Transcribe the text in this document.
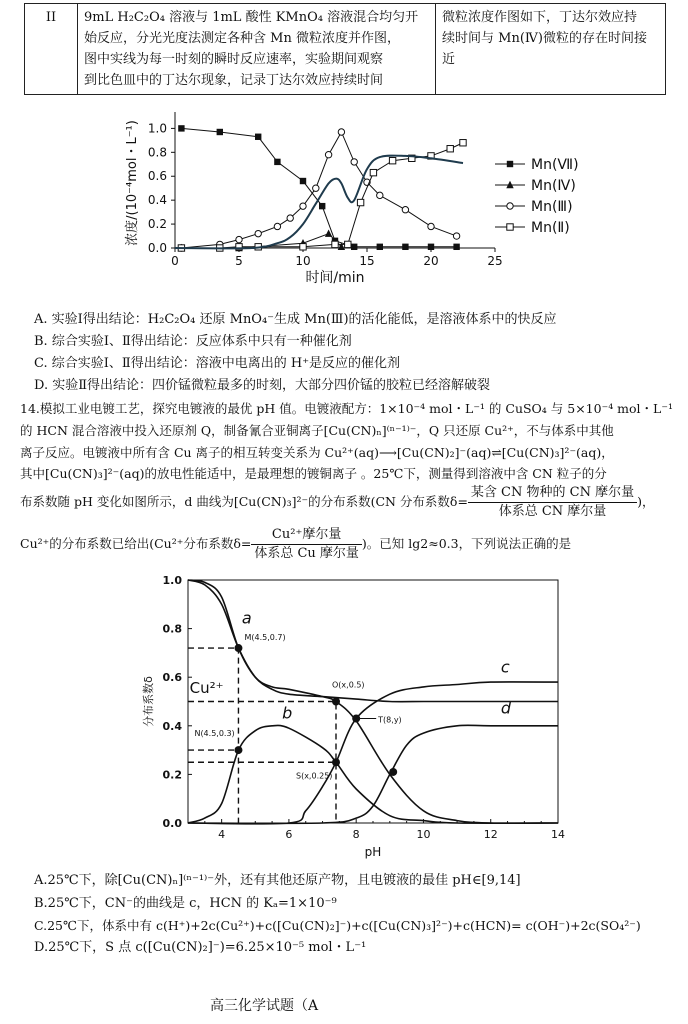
II	9mL H₂C₂O₄ 溶液与 1mL 酸性 KMnO₄ 溶液混合均匀开
始反应，分光光度法测定各种含 Mn 微粒浓度并作图，
图中实线为每一时刻的瞬时反应速率，实验期间观察
到比色皿中的丁达尔现象，记录丁达尔效应持续时间

微粒浓度作图如下，丁达尔效应持
续时间与 Mn(Ⅳ)微粒的存在时间接
近
0	5	10	15	20	25
0.0
0.2
0.4
0.6
0.8
1.0
时间/min
浓度/(10⁻⁴mol・L⁻¹)	Mn(Ⅶ)
Mn(Ⅳ)
Mn(Ⅲ)
Mn(Ⅱ)
A. 实验Ⅰ得出结论：H₂C₂O₄ 还原 MnO₄⁻生成 Mn(Ⅲ)的活化能低，是溶液体系中的快反应
B. 综合实验Ⅰ、Ⅱ得出结论：反应体系中只有一种催化剂
C. 综合实验Ⅰ、Ⅱ得出结论：溶液中电离出的 H⁺是反应的催化剂
D. 实验Ⅱ得出结论：四价锰微粒最多的时刻，大部分四价锰的胶粒已经溶解破裂
14.模拟工业电镀工艺，探究电镀液的最优 pH 值。电镀液配方：1×10⁻⁴ mol・L⁻¹ 的 CuSO₄ 与 5×10⁻⁴ mol・L⁻¹
的 HCN 混合溶液中投入还原剂 Q，制备氰合亚铜离子[Cu(CN)ₙ]⁽ⁿ⁻¹⁾⁻，Q 只还原 Cu²⁺，不与体系中其他
离子反应。电镀液中所有含 Cu 离子的相互转变关系为 Cu²⁺(aq)⟶[Cu(CN)₂]⁻(aq)⇌[Cu(CN)₃]²⁻(aq)，
其中[Cu(CN)₃]²⁻(aq)的放电性能适中，是最理想的镀铜离子 。25℃下，测量得到溶液中含 CN 粒子的分
布系数随 pH 变化如图所示，d 曲线为[Cu(CN)₃]²⁻的分布系数(CN 分布系数$\delta= \frac{\text{某含 CN 物种的 CN 摩尔量}}{\text{体系总 CN 摩尔量}}$ )，
Cu²⁺的分布系数已给出(Cu²⁺分布系数$\delta= \frac{\text{Cu²⁺摩尔量}}{\text{体系总 Cu 摩尔量}}$ )。已知 lg2≈0.3，下列说法正确的是
4	6	8	10	12	14
0.0
0.2
0.4
0.6
0.8
1.0
pH
分布系数δ
M(4.5,0.7)
N(4.5,0.3)
O(x,0.5)
S(x,0.25)
T(8,y)
a
b
c
d
Cu²⁺
A.25℃下，除[Cu(CN)ₙ]⁽ⁿ⁻¹⁾⁻外，还有其他还原产物，且电镀液的最佳 pH∈[9,14]
B.25℃下，CN⁻的曲线是 c，HCN 的 Kₐ=1×10⁻⁹
C.25℃下，体系中有 c(H⁺)+2c(Cu²⁺)+c([Cu(CN)₂]⁻)+c([Cu(CN)₃]²⁻)+c(HCN)= c(OH⁻)+2c(SO₄²⁻)
D.25℃下，S 点 c([Cu(CN)₂]⁻)=6.25×10⁻⁵ mol・L⁻¹
高三化学试题（A
